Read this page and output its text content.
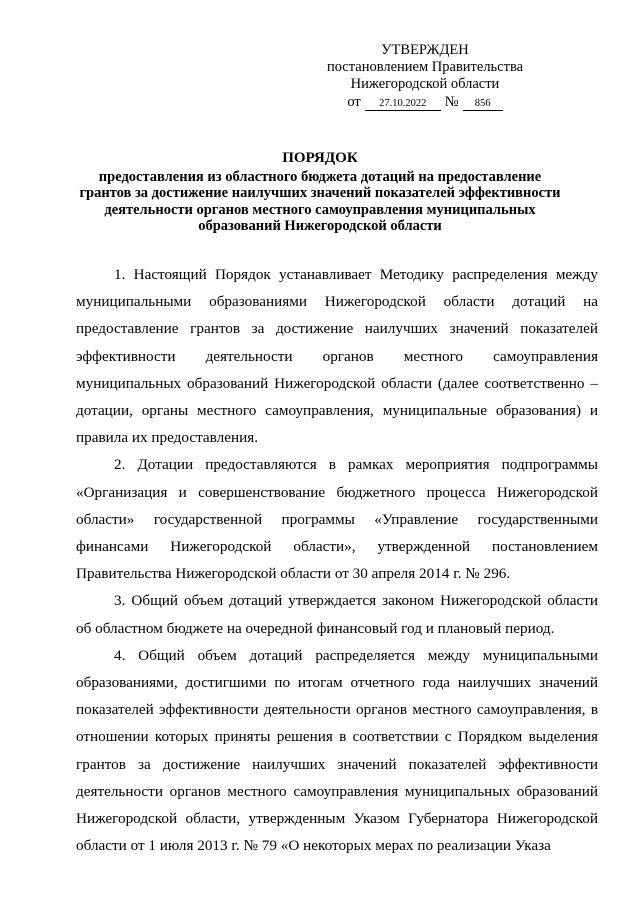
УТВЕРЖДЕН
постановлением Правительства
Нижегородской области
от	27.10.2022	№	856
ПОРЯДОК
предоставления из областного бюджета дотаций на предоставление
грантов за достижение наилучших значений показателей эффективности
деятельности органов местного самоуправления муниципальных
образований Нижегородской области

1. Настоящий Порядок устанавливает Методику распределения между муниципальными образованиями Нижегородской области дотаций на предоставление грантов за достижение наилучших значений показателей эффективности деятельности органов местного самоуправления муниципальных образований Нижегородской области (далее соответственно – дотации, органы местного самоуправления, муниципальные образования) и правила их предоставления.

2. Дотации предоставляются в рамках мероприятия подпрограммы «Организация и совершенствование бюджетного процесса Нижегородской области» государственной программы «Управление государственными финансами Нижегородской области», утвержденной постановлением Правительства Нижегородской области от 30 апреля 2014 г. № 296.

3. Общий объем дотаций утверждается законом Нижегородской области об областном бюджете на очередной финансовый год и плановый период.

4. Общий объем дотаций распределяется между муниципальными образованиями, достигшими по итогам отчетного года наилучших значений показателей эффективности деятельности органов местного самоуправления, в отношении которых приняты решения в соответствии с Порядком выделения грантов за достижение наилучших значений показателей эффективности деятельности органов местного самоуправления муниципальных образований Нижегородской области, утвержденным Указом Губернатора Нижегородской области от 1 июля 2013 г. № 79 «О некоторых мерах по реализации Указа
